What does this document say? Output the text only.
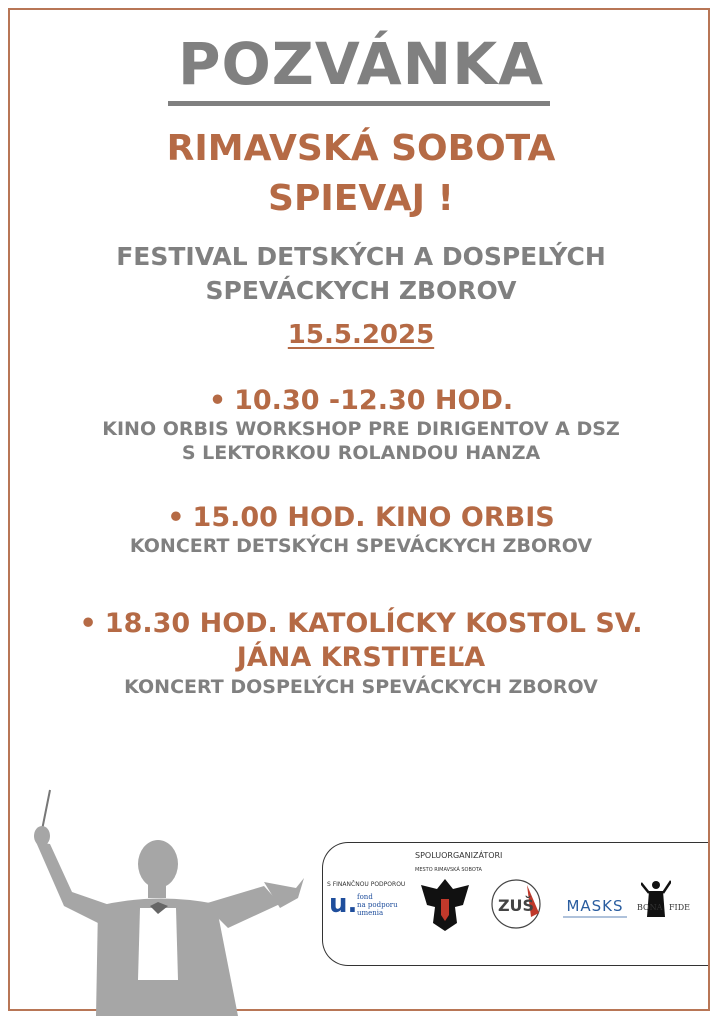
POZVÁNKA
RIMAVSKÁ SOBOTA
SPIEVAJ !
FESTIVAL DETSKÝCH A DOSPELÝCH
SPEVÁCKYCH ZBOROV
15.5.2025
• 10.30 -12.30 HOD.
KINO ORBIS WORKSHOP PRE DIRIGENTOV A DSZ
S LEKTORKOU ROLANDOU HANZA
• 15.00 HOD. KINO ORBIS
KONCERT DETSKÝCH SPEVÁCKYCH ZBOROV
• 18.30 HOD. KATOLÍCKY KOSTOL SV.
JÁNA KRSTITEĽA
KONCERT DOSPELÝCH SPEVÁCKYCH ZBOROV
SPOLUORGANIZÁTORI
S FINANČNOU PODPOROU
u. fond
na podporu
umenia
MESTO RIMAVSKÁ SOBOTA
ZUŠ MASKS BONA FIDE
